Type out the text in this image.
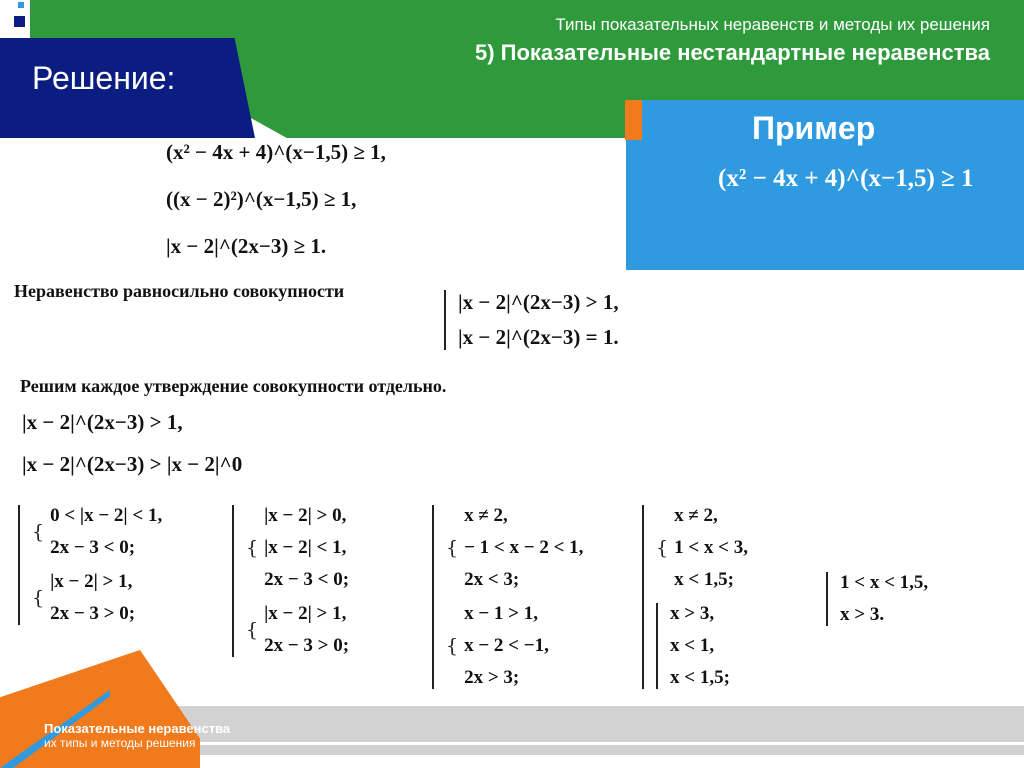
Типы показательных неравенств и методы их решения
5) Показательные нестандартные неравенства
Решение:
Пример
(x² − 4x + 4)^(x−1,5) ≥ 1
(x² − 4x + 4)^(x−1,5) ≥ 1,
((x − 2)²)^(x−1,5) ≥ 1,
|x − 2|^(2x−3) ≥ 1.
Неравенство равносильно совокупности	|x − 2|^(2x−3) > 1,
|x − 2|^(2x−3) = 1.
Решим каждое утверждение совокупности отдельно.
|x − 2|^(2x−3) > 1,
|x − 2|^(2x−3) > |x − 2|^0
{
0 < |x − 2| < 1,
2x − 3 < 0;
{
|x − 2| > 1,
2x − 3 > 0;
{
|x − 2| > 0,
|x − 2| < 1,
2x − 3 < 0;
{
|x − 2| > 1,
2x − 3 > 0;
{
x ≠ 2,
− 1 < x − 2 < 1,
2x < 3;
{
x − 1 > 1,
x − 2 < −1,
2x > 3;
{
x ≠ 2,
1 < x < 3,
x < 1,5;
x > 3,
x < 1,
x < 1,5;
1 < x < 1,5,
x > 3.
Показательные неравенства
их типы и методы решения
